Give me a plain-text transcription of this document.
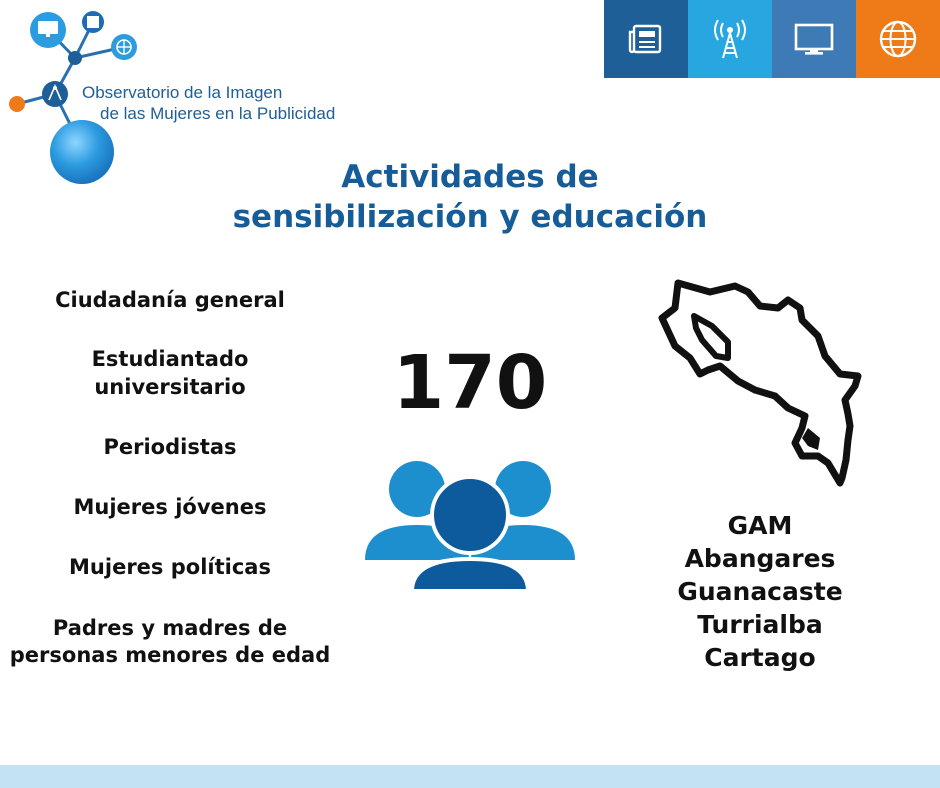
Observatorio de la Imagen
de las Mujeres en la Publicidad
Actividades de
sensibilización y educación
Ciudadanía general
Estudiantado
universitario
Periodistas
Mujeres jóvenes
Mujeres políticas
Padres y madres de
personas menores de edad
170
GAM
Abangares
Guanacaste
Turrialba
Cartago
